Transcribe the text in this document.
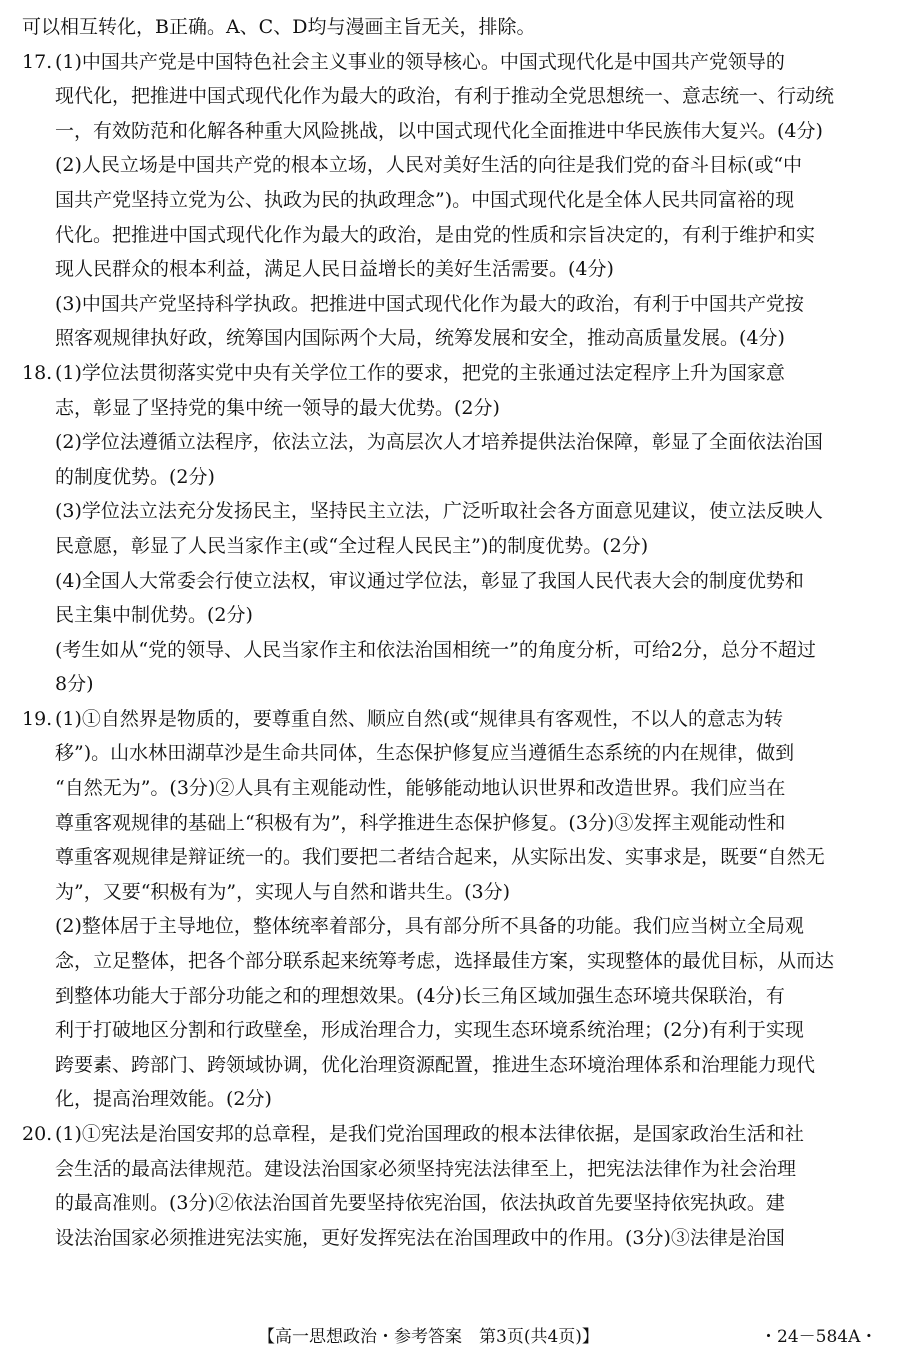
可以相互转化，B正确。A、C、D均与漫画主旨无关，排除。
17. (1)中国共产党是中国特色社会主义事业的领导核心。中国式现代化是中国共产党领导的
现代化，把推进中国式现代化作为最大的政治，有利于推动全党思想统一、意志统一、行动统
一，有效防范和化解各种重大风险挑战，以中国式现代化全面推进中华民族伟大复兴。(4分)
(2)人民立场是中国共产党的根本立场，人民对美好生活的向往是我们党的奋斗目标(或“中
国共产党坚持立党为公、执政为民的执政理念”)。中国式现代化是全体人民共同富裕的现
代化。把推进中国式现代化作为最大的政治，是由党的性质和宗旨决定的，有利于维护和实
现人民群众的根本利益，满足人民日益增长的美好生活需要。(4分)
(3)中国共产党坚持科学执政。把推进中国式现代化作为最大的政治，有利于中国共产党按
照客观规律执好政，统筹国内国际两个大局，统筹发展和安全，推动高质量发展。(4分)
18. (1)学位法贯彻落实党中央有关学位工作的要求，把党的主张通过法定程序上升为国家意
志，彰显了坚持党的集中统一领导的最大优势。(2分)
(2)学位法遵循立法程序，依法立法，为高层次人才培养提供法治保障，彰显了全面依法治国
的制度优势。(2分)
(3)学位法立法充分发扬民主，坚持民主立法，广泛听取社会各方面意见建议，使立法反映人
民意愿，彰显了人民当家作主(或“全过程人民民主”)的制度优势。(2分)
(4)全国人大常委会行使立法权，审议通过学位法，彰显了我国人民代表大会的制度优势和
民主集中制优势。(2分)
(考生如从“党的领导、人民当家作主和依法治国相统一”的角度分析，可给2分，总分不超过
8分)
19. (1)①自然界是物质的，要尊重自然、顺应自然(或“规律具有客观性，不以人的意志为转
移”)。山水林田湖草沙是生命共同体，生态保护修复应当遵循生态系统的内在规律，做到
“自然无为”。(3分)②人具有主观能动性，能够能动地认识世界和改造世界。我们应当在
尊重客观规律的基础上“积极有为”，科学推进生态保护修复。(3分)③发挥主观能动性和
尊重客观规律是辩证统一的。我们要把二者结合起来，从实际出发、实事求是，既要“自然无
为”，又要“积极有为”，实现人与自然和谐共生。(3分)
(2)整体居于主导地位，整体统率着部分，具有部分所不具备的功能。我们应当树立全局观
念，立足整体，把各个部分联系起来统筹考虑，选择最佳方案，实现整体的最优目标，从而达
到整体功能大于部分功能之和的理想效果。(4分)长三角区域加强生态环境共保联治，有
利于打破地区分割和行政壁垒，形成治理合力，实现生态环境系统治理；(2分)有利于实现
跨要素、跨部门、跨领域协调，优化治理资源配置，推进生态环境治理体系和治理能力现代
化，提高治理效能。(2分)
20. (1)①宪法是治国安邦的总章程，是我们党治国理政的根本法律依据，是国家政治生活和社
会生活的最高法律规范。建设法治国家必须坚持宪法法律至上，把宪法法律作为社会治理
的最高准则。(3分)②依法治国首先要坚持依宪治国，依法执政首先要坚持依宪执政。建
设法治国家必须推进宪法实施，更好发挥宪法在治国理政中的作用。(3分)③法律是治国
【高一思想政治・参考答案　第3页(共4页)】	・24－584A・
